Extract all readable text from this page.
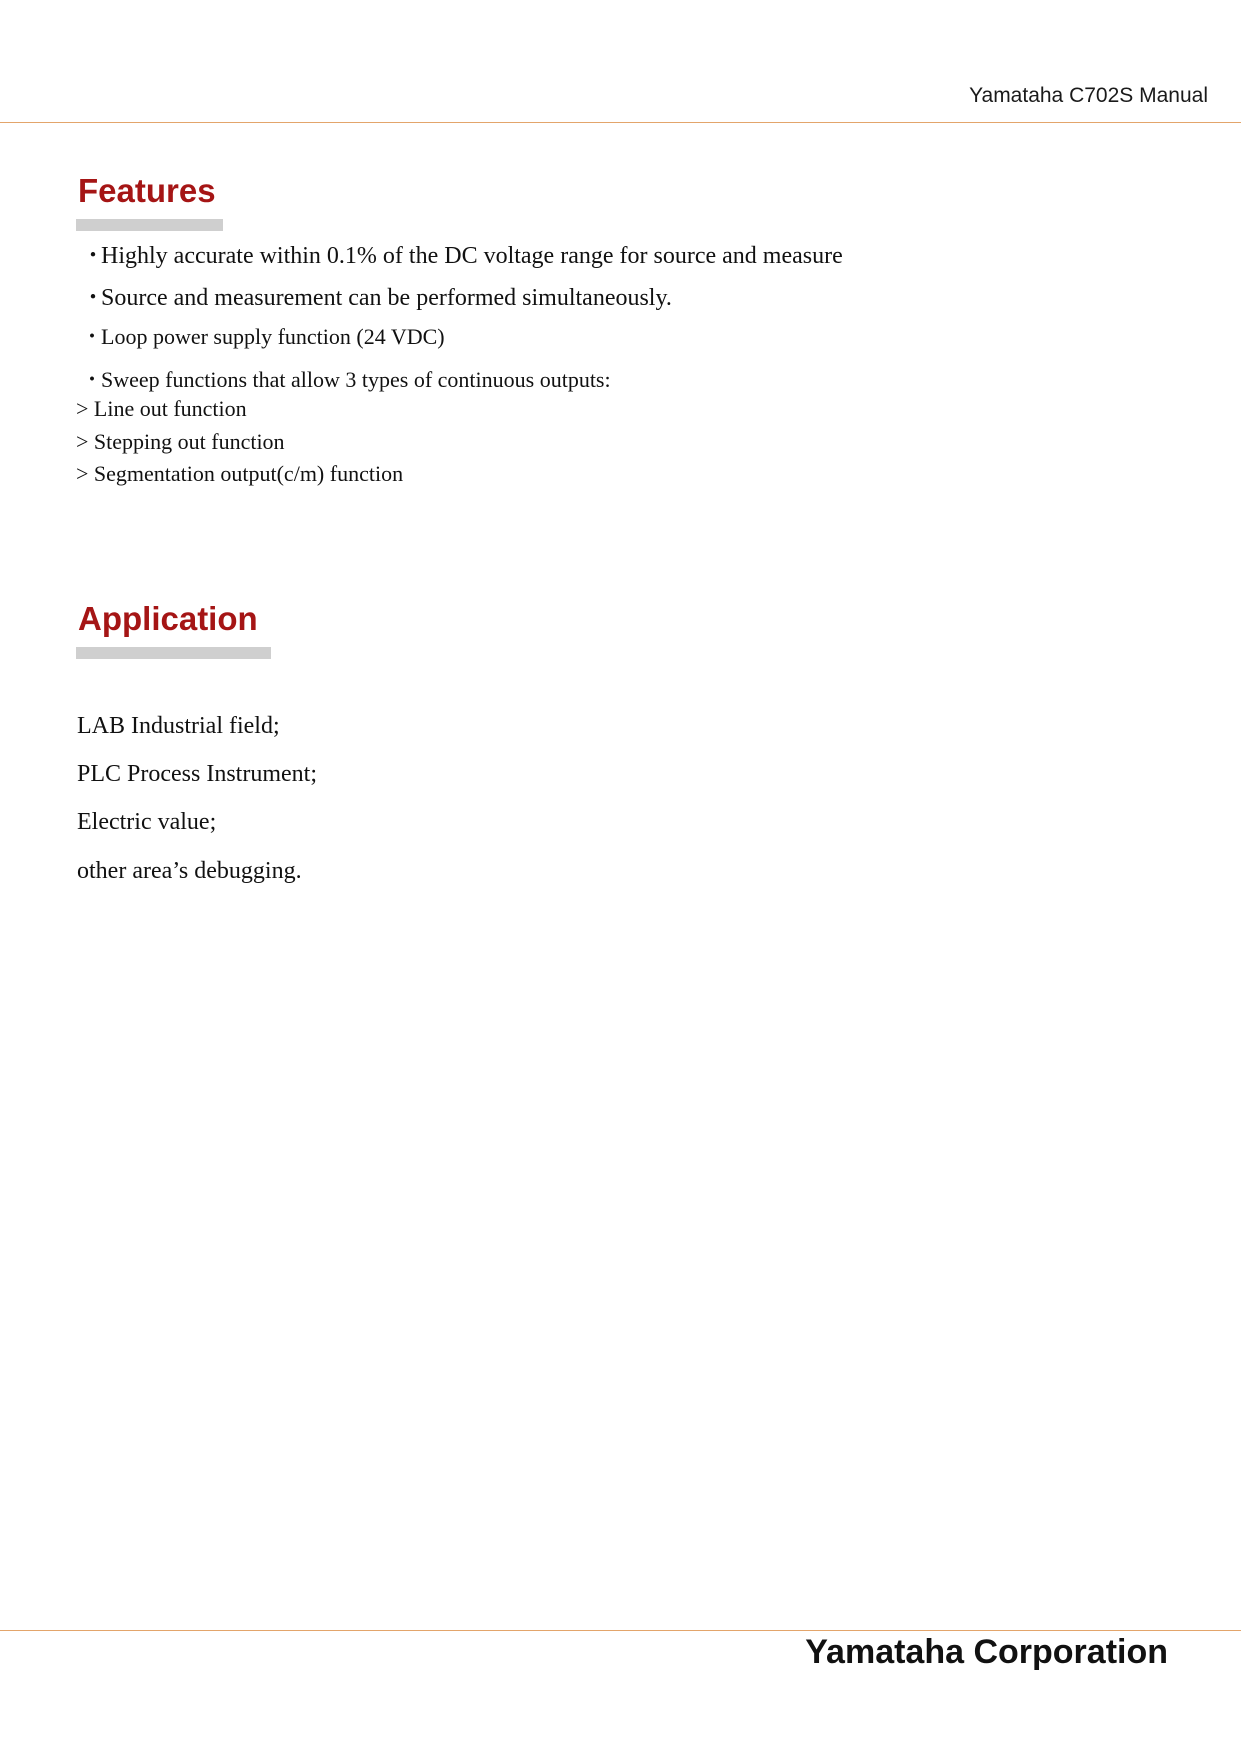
Yamataha C702S Manual
Features
・Highly accurate within 0.1% of the DC voltage range for source and measure
・Source and measurement can be performed simultaneously.
・Loop power supply function (24 VDC)
・Sweep functions that allow 3 types of continuous outputs:
> Line out function
> Stepping out function
> Segmentation output(c/m) function
Application
LAB Industrial field;
PLC Process Instrument;
Electric value;
other area’s debugging.
Yamataha Corporation
